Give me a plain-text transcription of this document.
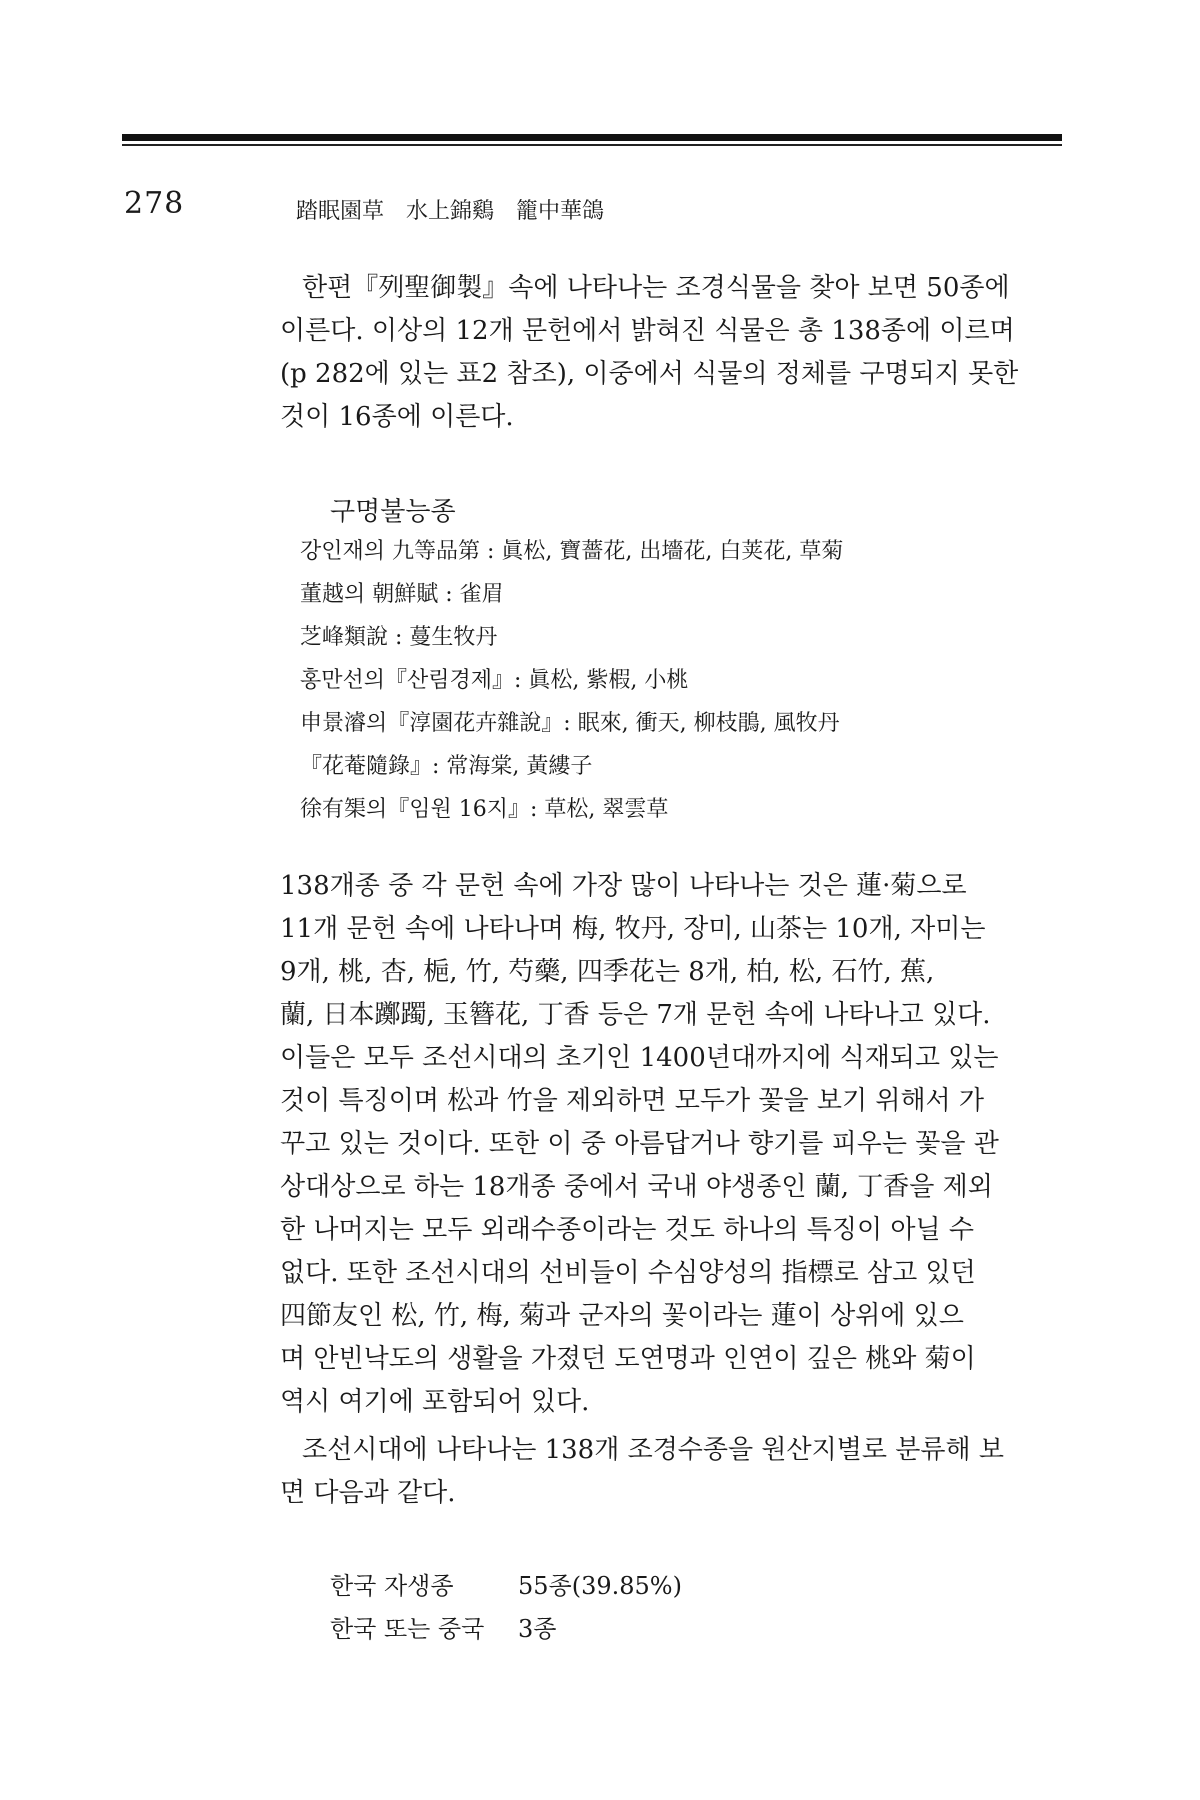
278	踏眠園草　水上錦鷄　籠中華鴿

한편『列聖御製』속에 나타나는 조경식물을 찾아 보면 50종에
이른다. 이상의 12개 문헌에서 밝혀진 식물은 총 138종에 이르며
(p 282에 있는 표2 참조), 이중에서 식물의 정체를 구명되지 못한
것이 16종에 이른다.

구명불능종
강인재의 九等品第 : 眞松, 寶薔花, 出墻花, 白荚花, 草菊
董越의 朝鮮賦 : 雀眉
芝峰類說 : 蔓生牧丹
홍만선의『산림경제』: 眞松, 紫椵, 小桃
申景濬의『淳園花卉雜說』: 眠來, 衝天, 柳枝鵑, 風牧丹
『花菴隨錄』: 常海棠, 黃縷子
徐有榘의『임원 16지』: 草松, 翠雲草

138개종 중 각 문헌 속에 가장 많이 나타나는 것은 蓮·菊으로
11개 문헌 속에 나타나며 梅, 牧丹, 장미, 山茶는 10개, 자미는
9개, 桃, 杏, 梔, 竹, 芍藥, 四季花는 8개, 柏, 松, 石竹, 蕉,
蘭, 日本躑躅, 玉簪花, 丁香 등은 7개 문헌 속에 나타나고 있다.
이들은 모두 조선시대의 초기인 1400년대까지에 식재되고 있는
것이 특징이며 松과 竹을 제외하면 모두가 꽃을 보기 위해서 가
꾸고 있는 것이다. 또한 이 중 아름답거나 향기를 피우는 꽃을 관
상대상으로 하는 18개종 중에서 국내 야생종인 蘭, 丁香을 제외
한 나머지는 모두 외래수종이라는 것도 하나의 특징이 아닐 수
없다. 또한 조선시대의 선비들이 수심양성의 指標로 삼고 있던
四節友인 松, 竹, 梅, 菊과 군자의 꽃이라는 蓮이 상위에 있으
며 안빈낙도의 생활을 가졌던 도연명과 인연이 깊은 桃와 菊이
역시 여기에 포함되어 있다.

조선시대에 나타나는 138개 조경수종을 원산지별로 분류해 보
면 다음과 같다.

한국 자생종	55종(39.85%)
한국 또는 중국 3종
